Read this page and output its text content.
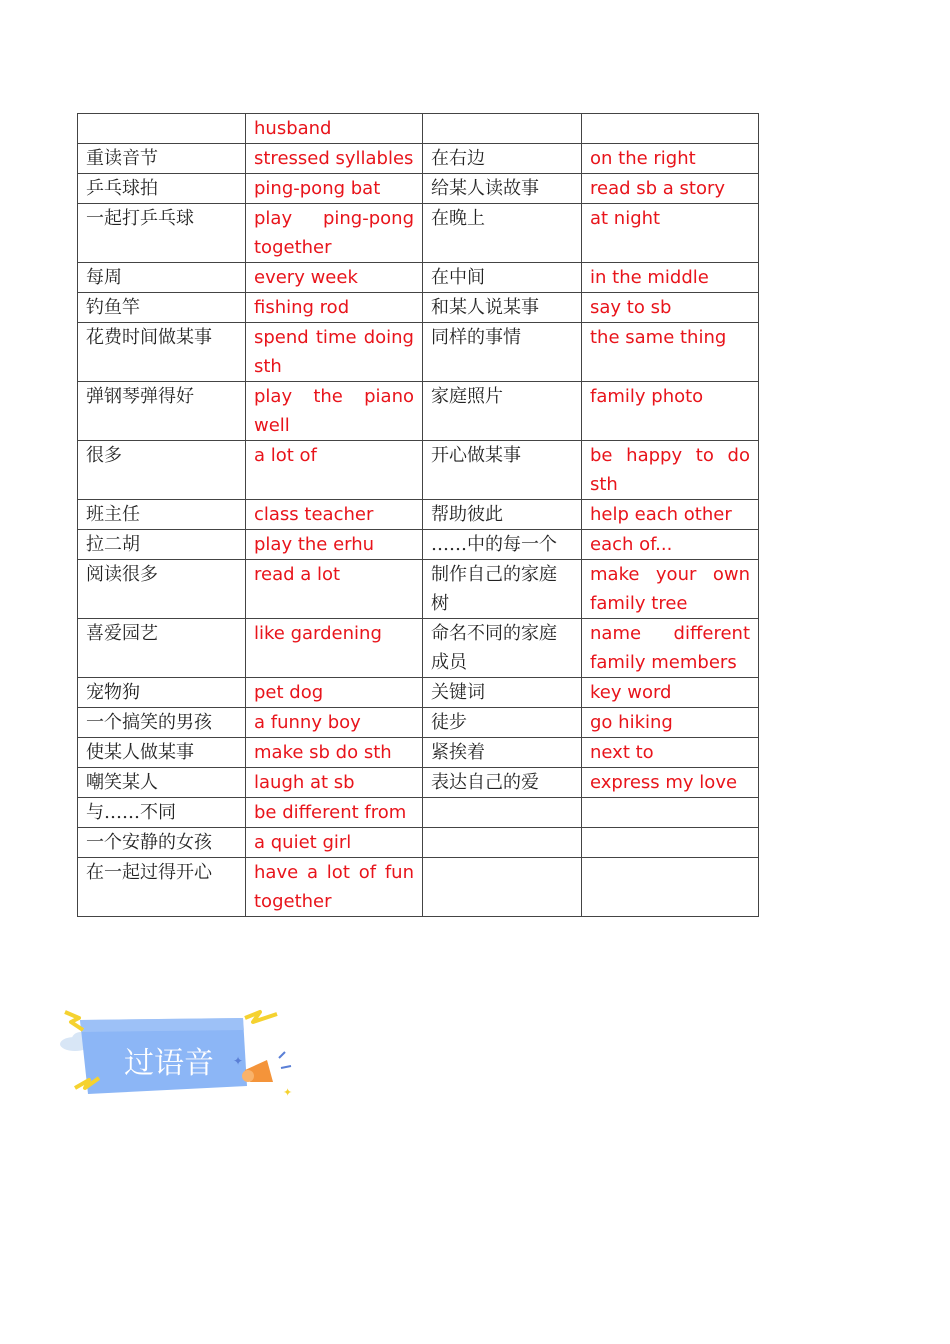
	husband		
重读音节	stressed syllables	在右边	on the right
乒乓球拍	ping-pong bat	给某人读故事	read sb a story
一起打乒乓球	play ping-pong together	在晚上	at night
每周	every week	在中间	in the middle
钓鱼竿	fishing rod	和某人说某事	say to sb
花费时间做某事	spend time doing sth	同样的事情	the same thing
弹钢琴弹得好	play the piano well	家庭照片	family photo
很多	a lot of	开心做某事	be happy to do sth
班主任	class teacher	帮助彼此	help each other
拉二胡	play the erhu	……中的每一个	each of...
阅读很多	read a lot	制作自己的家庭树	make your own family tree
喜爱园艺	like gardening	命名不同的家庭成员	name different family members
宠物狗	pet dog	关键词	key word
一个搞笑的男孩	a funny boy	徒步	go hiking
使某人做某事	make sb do sth	紧挨着	next to
嘲笑某人	laugh at sb	表达自己的爱	express my love
与……不同	be different from		
一个安静的女孩	a quiet girl		
在一起过得开心	have a lot of fun together		
过语音 ✦
✦
